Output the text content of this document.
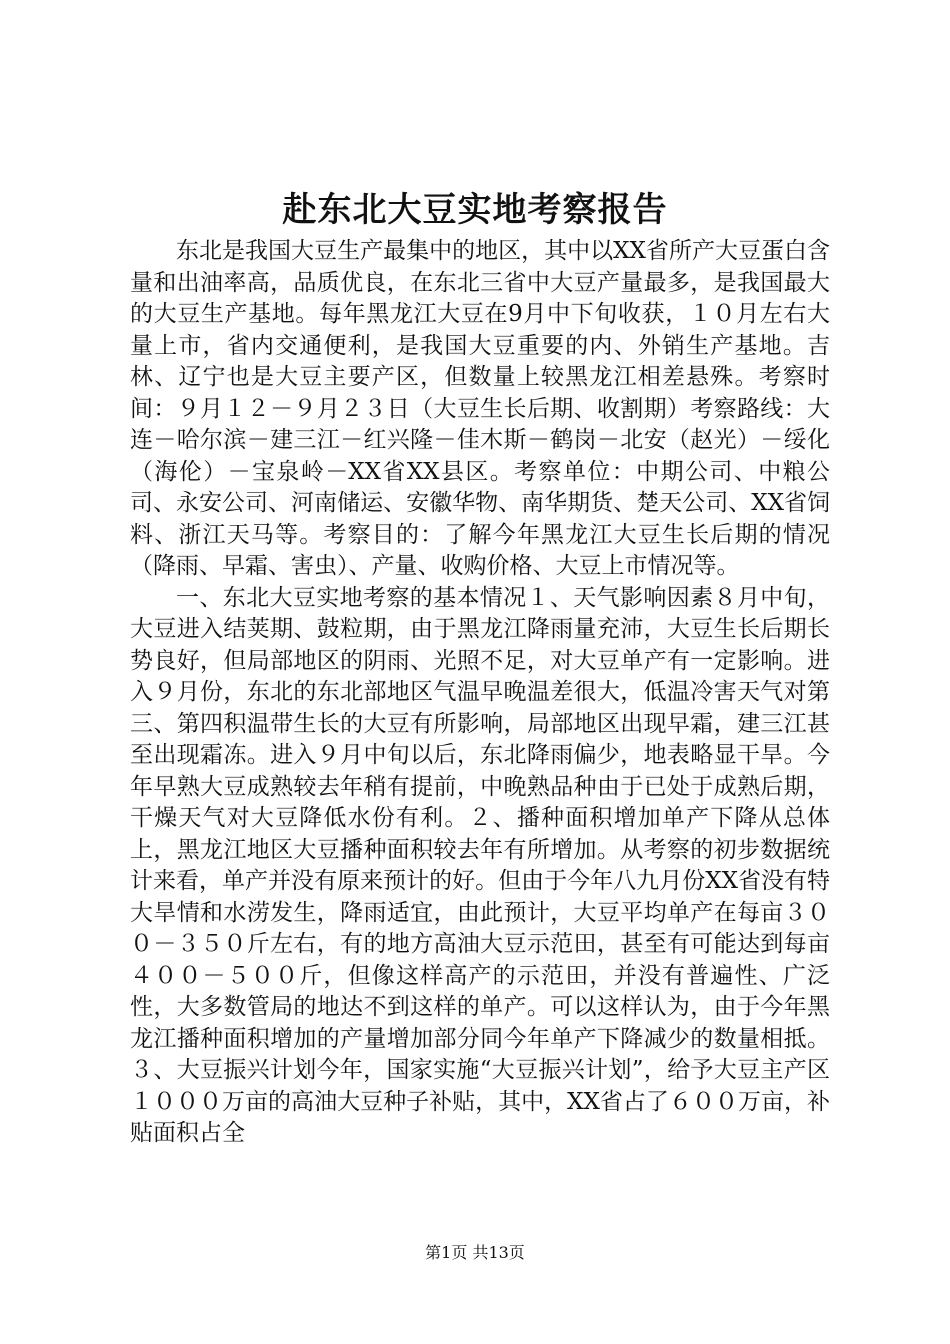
赴东北大豆实地考察报告

东北是我国大豆生产最集中的地区，其中以XX省所产大豆蛋白含量和出油率高，品质优良，在东北三省中大豆产量最多，是我国最大的大豆生产基地。每年黑龙江大豆在9月中下旬收获，１０月左右大量上市，省内交通便利，是我国大豆重要的内、外销生产基地。吉林、辽宁也是大豆主要产区，但数量上较黑龙江相差悬殊。考察时间：９月１２－９月２３日（大豆生长后期、收割期）考察路线：大连－哈尔滨－建三江－红兴隆－佳木斯－鹤岗－北安（赵光）－绥化（海伦）－宝泉岭－XX省XX县区。考察单位：中期公司、中粮公司、永安公司、河南储运、安徽华物、南华期货、楚天公司、XX省饲料、浙江天马等。考察目的：了解今年黑龙江大豆生长后期的情况（降雨、早霜、害虫）、产量、收购价格、大豆上市情况等。

一、东北大豆实地考察的基本情况１、天气影响因素８月中旬，大豆进入结荚期、鼓粒期，由于黑龙江降雨量充沛，大豆生长后期长势良好，但局部地区的阴雨、光照不足，对大豆单产有一定影响。进入９月份，东北的东北部地区气温早晚温差很大，低温冷害天气对第三、第四积温带生长的大豆有所影响，局部地区出现早霜，建三江甚至出现霜冻。进入９月中旬以后，东北降雨偏少，地表略显干旱。今年早熟大豆成熟较去年稍有提前，中晚熟品种由于已处于成熟后期，干燥天气对大豆降低水份有利。２、播种面积增加单产下降从总体上，黑龙江地区大豆播种面积较去年有所增加。从考察的初步数据统计来看，单产并没有原来预计的好。但由于今年八九月份XX省没有特大旱情和水涝发生，降雨适宜，由此预计，大豆平均单产在每亩３００－３５０斤左右，有的地方高油大豆示范田，甚至有可能达到每亩４００－５００斤，但像这样高产的示范田，并没有普遍性、广泛性，大多数管局的地达不到这样的单产。可以这样认为，由于今年黑龙江播种面积增加的产量增加部分同今年单产下降减少的数量相抵。３、大豆振兴计划今年，国家实施“大豆振兴计划”，给予大豆主产区１０００万亩的高油大豆种子补贴，其中，XX省占了６００万亩，补贴面积占全

第1页 共13页
